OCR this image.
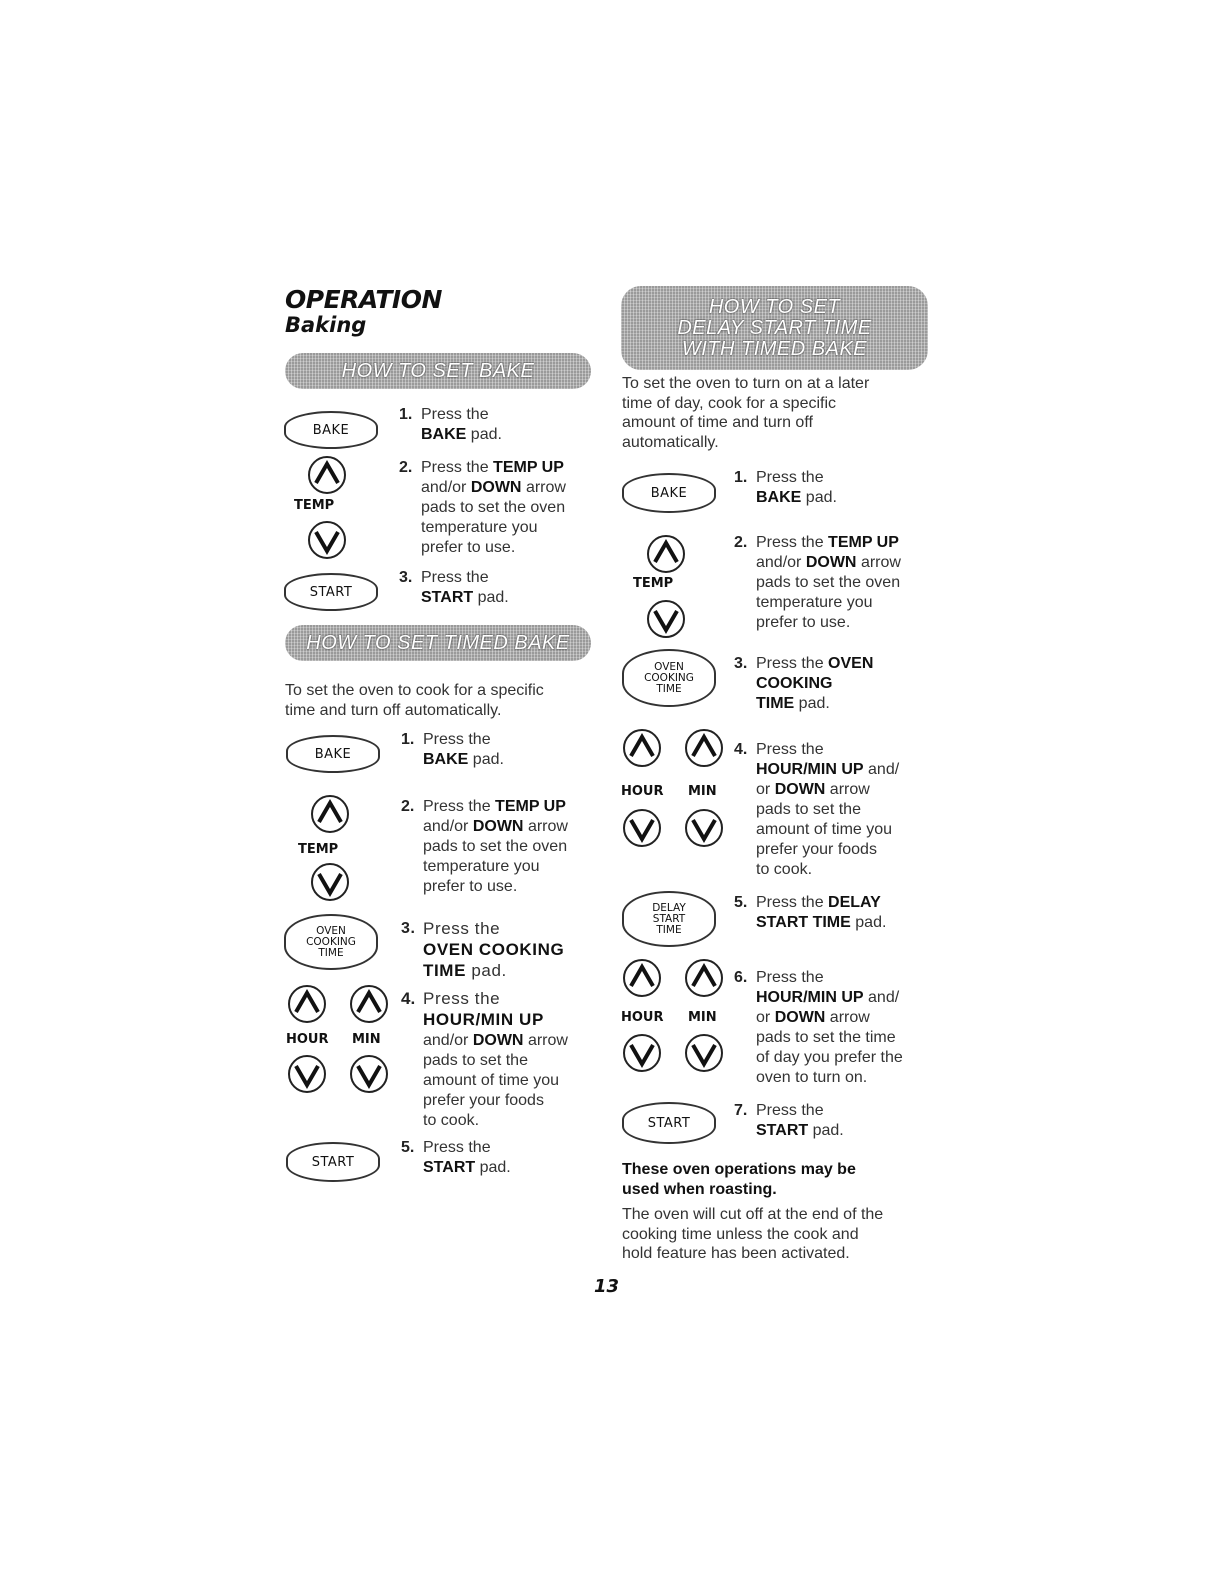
OPERATION
Baking
HOW TO SET BAKE
BAKE
1. Press the
BAKE pad.
TEMP
2. Press the TEMP UP
and/or DOWN arrow
pads to set the oven
temperature you
prefer to use.
START
3. Press the
START pad.
HOW TO SET TIMED BAKE
To set the oven to cook for a specific
time and turn off automatically.
BAKE
1. Press the
BAKE pad.
TEMP
2. Press the TEMP UP
and/or DOWN arrow
pads to set the oven
temperature you
prefer to use.
OVEN
COOKING
TIME
3. Press the
OVEN COOKING
TIME pad.
HOUR MIN
4. Press the
HOUR/MIN UP
and/or DOWN arrow
pads to set the
amount of time you
prefer your foods
to cook.
START
5. Press the
START pad.
HOW TO SET
DELAY START TIME
WITH TIMED BAKE
To set the oven to turn on at a later
time of day, cook for a specific
amount of time and turn off
automatically.
BAKE
1. Press the
BAKE pad.
TEMP
2. Press the TEMP UP
and/or DOWN arrow
pads to set the oven
temperature you
prefer to use.
OVEN
COOKING
TIME
3. Press the OVEN
COOKING
TIME pad.
HOUR MIN
4. Press the
HOUR/MIN UP and/
or DOWN arrow
pads to set the
amount of time you
prefer your foods
to cook.
DELAY
START
TIME
5. Press the DELAY
START TIME pad.
HOUR MIN
6. Press the
HOUR/MIN UP and/
or DOWN arrow
pads to set the time
of day you prefer the
oven to turn on.
START
7. Press the
START pad.
These oven operations may be
used when roasting.
The oven will cut off at the end of the
cooking time unless the cook and
hold feature has been activated.
13
